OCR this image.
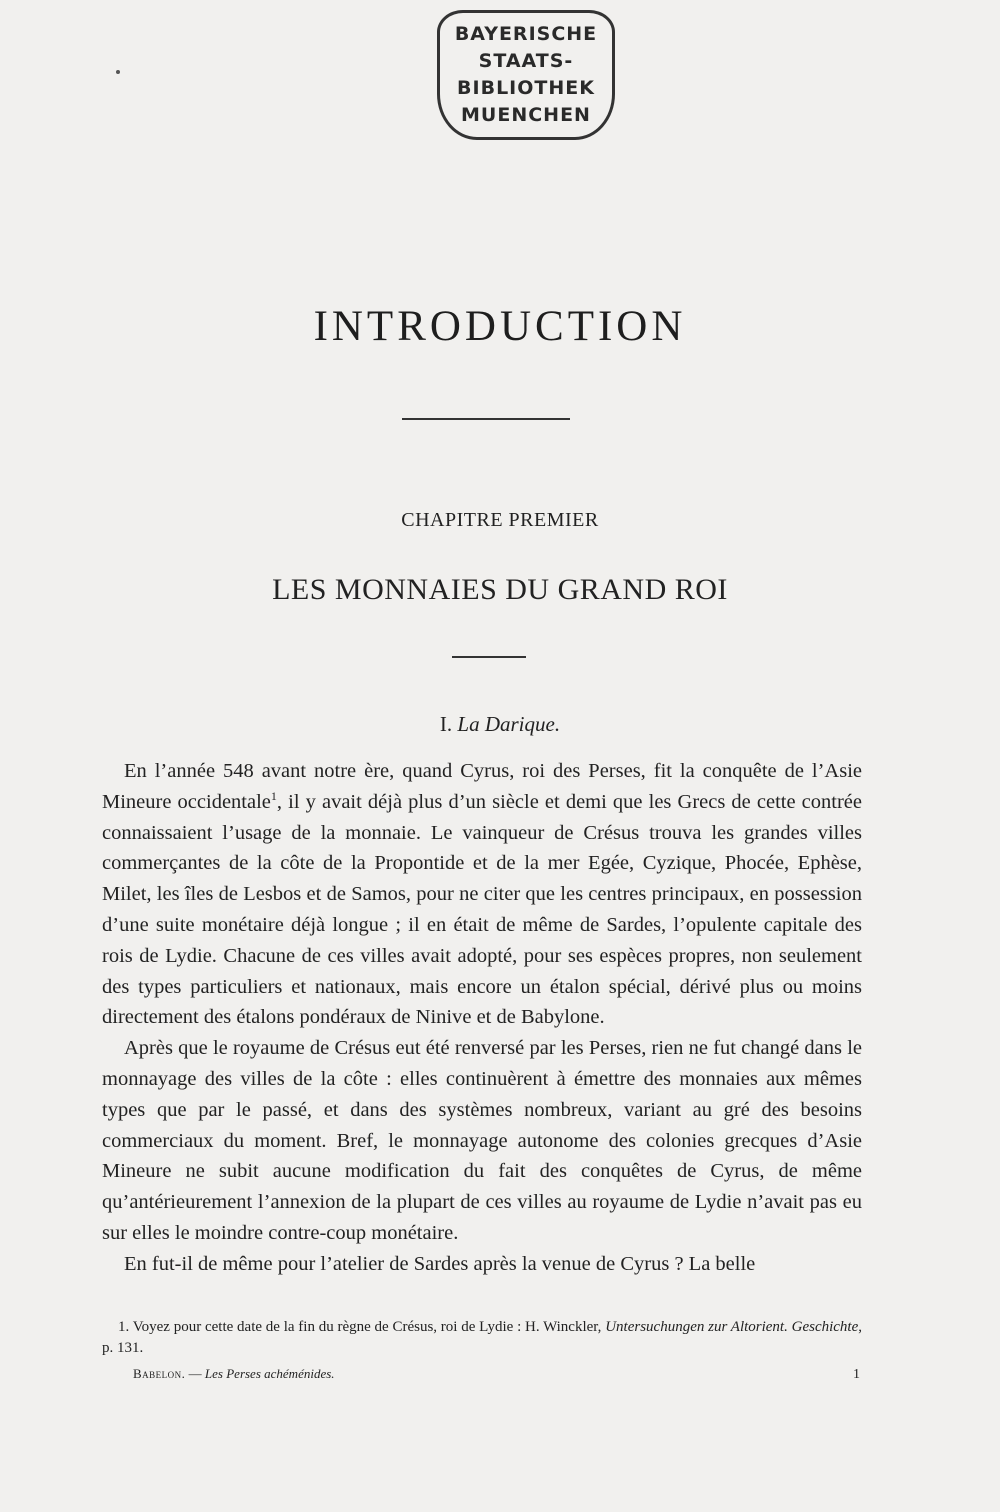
BAYERISCHE
STAATS-
BIBLIOTHEK
MUENCHEN
INTRODUCTION
CHAPITRE PREMIER
LES MONNAIES DU GRAND ROI
I. La Darique.

En l’année 548 avant notre ère, quand Cyrus, roi des Perses, fit la conquête de l’Asie Mineure occidentale$^1$, il y avait déjà plus d’un siècle et demi que les Grecs de cette contrée connaissaient l’usage de la monnaie. Le vainqueur de Crésus trouva les grandes villes commerçantes de la côte de la Propontide et de la mer Egée, Cyzique, Phocée, Ephèse, Milet, les îles de Lesbos et de Samos, pour ne citer que les centres principaux, en possession d’une suite monétaire déjà longue ; il en était de même de Sardes, l’opulente capitale des rois de Lydie. Chacune de ces villes avait adopté, pour ses espèces propres, non seulement des types particuliers et nationaux, mais encore un étalon spécial, dérivé plus ou moins directement des étalons pondéraux de Ninive et de Babylone.

Après que le royaume de Crésus eut été renversé par les Perses, rien ne fut changé dans le monnayage des villes de la côte : elles continuèrent à émettre des monnaies aux mêmes types que par le passé, et dans des systèmes nombreux, variant au gré des besoins commerciaux du moment. Bref, le monnayage autonome des colonies grecques d’Asie Mineure ne subit aucune modification du fait des conquêtes de Cyrus, de même qu’antérieurement l’annexion de la plupart de ces villes au royaume de Lydie n’avait pas eu sur elles le moindre contre-coup monétaire.

En fut-il de même pour l’atelier de Sardes après la venue de Cyrus ? La belle

1. Voyez pour cette date de la fin du règne de Crésus, roi de Lydie : H. Winckler, Untersuchungen zur Altorient. Geschichte, p. 131.
Babelon. — Les Perses achéménides.	1
